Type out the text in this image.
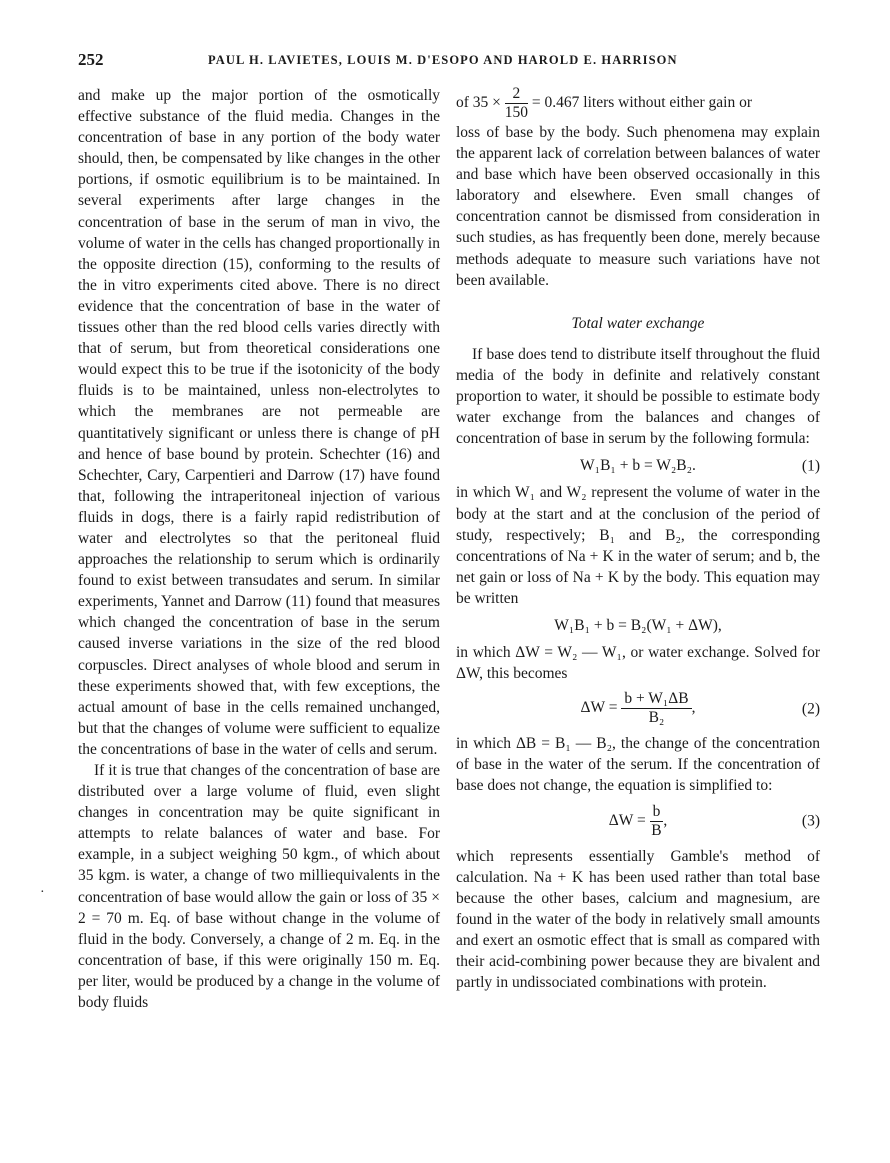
252	PAUL H. LAVIETES, LOUIS M. D'ESOPO AND HAROLD E. HARRISON

and make up the major portion of the osmotically effective substance of the fluid media. Changes in the concentration of base in any portion of the body water should, then, be compensated by like changes in the other portions, if osmotic equilibrium is to be maintained. In several experiments after large changes in the concentration of base in the serum of man in vivo, the volume of water in the cells has changed proportionally in the opposite direction (15), conforming to the results of the in vitro experiments cited above. There is no direct evidence that the concentration of base in the water of tissues other than the red blood cells varies directly with that of serum, but from theoretical considerations one would expect this to be true if the isotonicity of the body fluids is to be maintained, unless non-electrolytes to which the membranes are not permeable are quantitatively significant or unless there is change of pH and hence of base bound by protein. Schechter (16) and Schechter, Cary, Carpentieri and Darrow (17) have found that, following the intraperitoneal injection of various fluids in dogs, there is a fairly rapid redistribution of water and electrolytes so that the peritoneal fluid approaches the relationship to serum which is ordinarily found to exist between transudates and serum. In similar experiments, Yannet and Darrow (11) found that measures which changed the concentration of base in the serum caused inverse variations in the size of the red blood corpuscles. Direct analyses of whole blood and serum in these experiments showed that, with few exceptions, the actual amount of base in the cells remained unchanged, but that the changes of volume were sufficient to equalize the concentrations of base in the water of cells and serum.

If it is true that changes of the concentration of base are distributed over a large volume of fluid, even slight changes in concentration may be quite significant in attempts to relate balances of water and base. For example, in a subject weighing 50 kgm., of which about 35 kgm. is water, a change of two milliequivalents in the concentration of base would allow the gain or loss of 35 × 2 = 70 m. Eq. of base without change in the volume of fluid in the body. Conversely, a change of 2 m. Eq. in the concentration of base, if this were originally 150 m. Eq. per liter, would be produced by a change in the volume of body fluids

of $35 \times \frac{2}{150} = 0.467$ liters without either gain or

loss of base by the body. Such phenomena may explain the apparent lack of correlation between balances of water and base which have been observed occasionally in this laboratory and elsewhere. Even small changes of concentration cannot be dismissed from consideration in such studies, as has frequently been done, merely because methods adequate to measure such variations have not been available.

Total water exchange

If base does tend to distribute itself throughout the fluid media of the body in definite and relatively constant proportion to water, it should be possible to estimate body water exchange from the balances and changes of concentration of base in serum by the following formula:

W₁B₁ + b = W₂B₂.	(1)

in which W₁ and W₂ represent the volume of water in the body at the start and at the conclusion of the period of study, respectively; B₁ and B₂, the corresponding concentrations of Na + K in the water of serum; and b, the net gain or loss of Na + K by the body. This equation may be written

W₁B₁ + b = B₂(W₁ + ΔW),

in which ΔW = W₂ — W₁, or water exchange. Solved for ΔW, this becomes

$\Delta W = \frac{\text{b + W₁ΔB}}{\text{B₂}}$ ,	(2)

in which ΔB = B₁ — B₂, the change of the concentration of base in the water of the serum. If the concentration of base does not change, the equation is simplified to:

$\Delta W = \frac{b}{B}$ ,	(3)

which represents essentially Gamble's method of calculation. Na + K has been used rather than total base because the other bases, calcium and magnesium, are found in the water of the body in relatively small amounts and exert an osmotic effect that is small as compared with their acid-combining power because they are bivalent and partly in undissociated combinations with protein.

·
